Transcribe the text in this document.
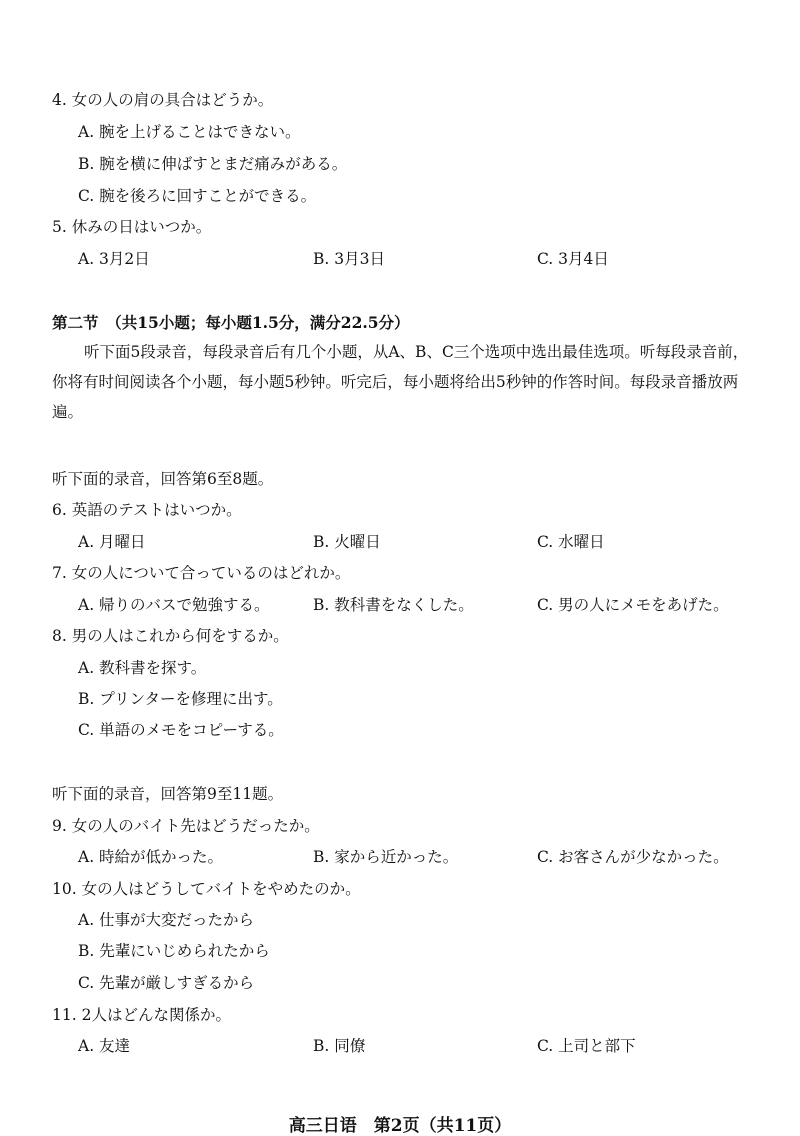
4. 女の人の肩の具合はどうか。
A. 腕を上げることはできない。
B. 腕を横に伸ばすとまだ痛みがある。
C. 腕を後ろに回すことができる。
5. 休みの日はいつか。
A. 3月2日	B. 3月3日	C. 3月4日
第二节　（共15小题；每小题1.5分，满分22.5分）
听下面5段录音，每段录音后有几个小题，从A、B、C三个选项中选出最佳选项。听每段录音前，你将有时间阅读各个小题，每小题5秒钟。听完后，每小题将给出5秒钟的作答时间。每段录音播放两遍。
听下面的录音，回答第6至8题。
6. 英語のテストはいつか。
A. 月曜日	B. 火曜日	C. 水曜日
7. 女の人について合っているのはどれか。
A. 帰りのバスで勉強する。	B. 教科書をなくした。	C. 男の人にメモをあげた。
8. 男の人はこれから何をするか。
A. 教科書を探す。
B. プリンターを修理に出す。
C. 単語のメモをコピーする。
听下面的录音，回答第9至11题。
9. 女の人のバイト先はどうだったか。
A. 時給が低かった。	B. 家から近かった。	C. お客さんが少なかった。
10. 女の人はどうしてバイトをやめたのか。
A. 仕事が大変だったから
B. 先輩にいじめられたから
C. 先輩が厳しすぎるから
11. 2人はどんな関係か。
A. 友達	B. 同僚	C. 上司と部下
高三日语　第2页（共11页）
